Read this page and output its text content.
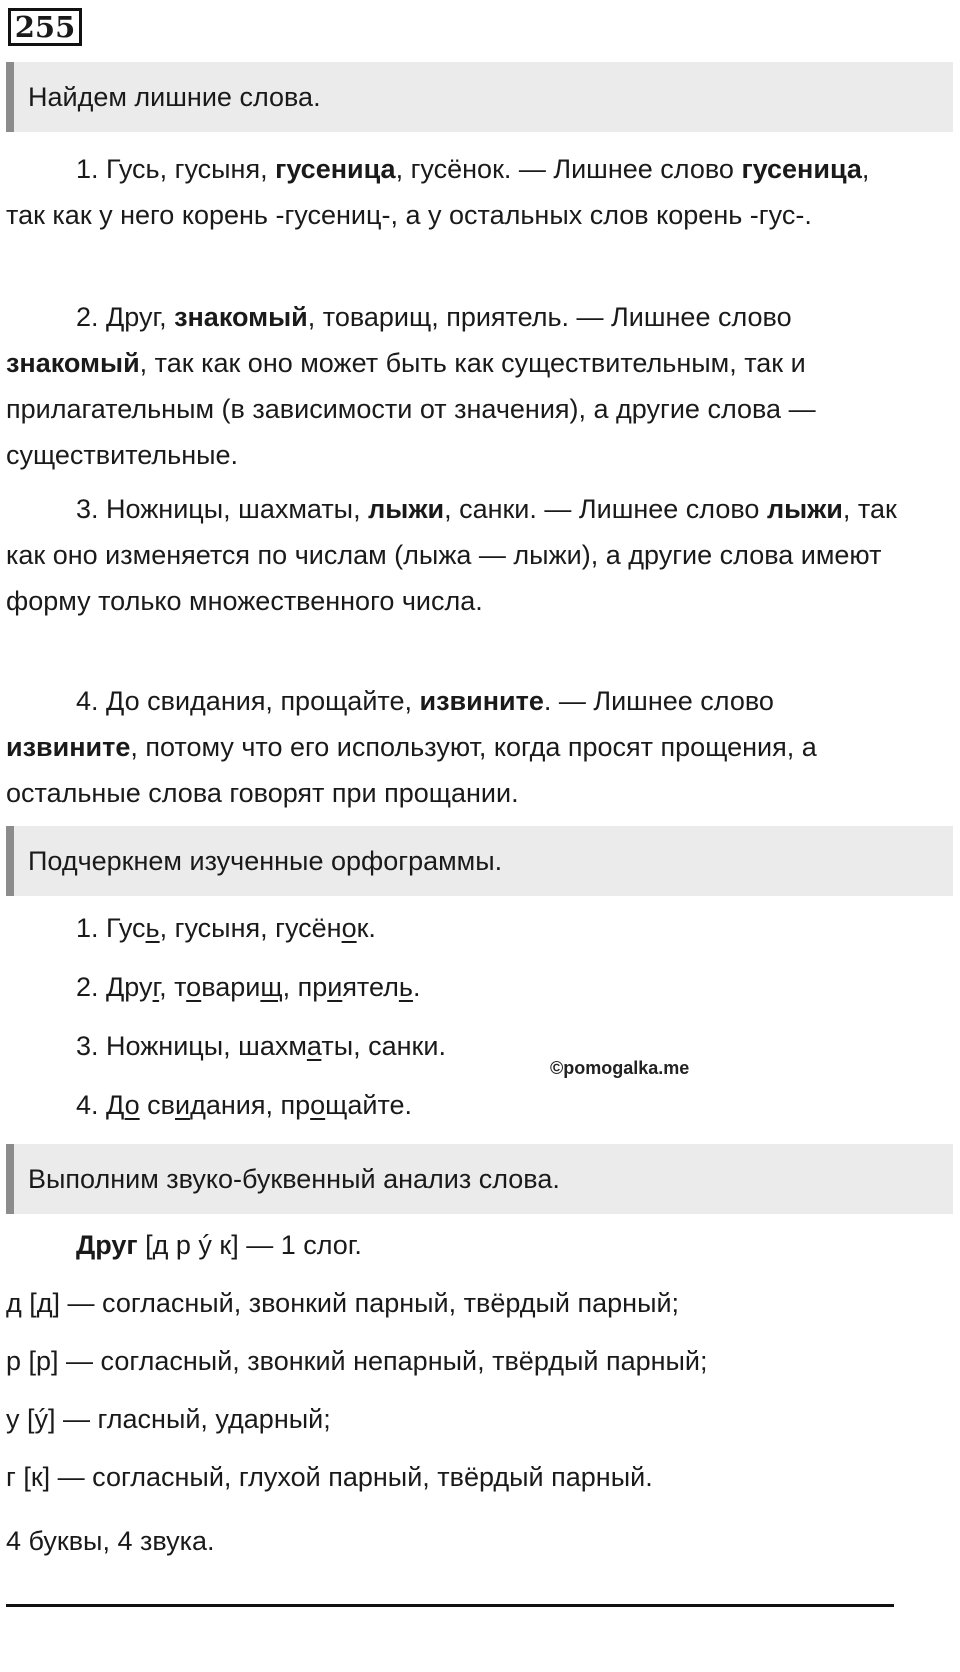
255
Найдем лишние слова.

1. Гусь, гусыня, гусеница, гусёнок. — Лишнее слово гусеница, так как у него корень -гусениц-, а у остальных слов корень -гус-.

2. Друг, знакомый, товарищ, приятель. — Лишнее слово знакомый, так как оно может быть как существительным, так и прилагательным (в зависимости от значения), а другие слова — существительные.

3. Ножницы, шахматы, лыжи, санки. — Лишнее слово лыжи, так как оно изменяется по числам (лыжа — лыжи), а другие слова имеют форму только множественного числа.

4. До свидания, прощайте, извините. — Лишнее слово извините, потому что его используют, когда просят прощения, а остальные слова говорят при прощании.

Подчеркнем изученные орфограммы.
1. Гусь, гусыня, гусёнок.
2. Друг, товарищ, приятель.
©pomogalka.me
3. Ножницы, шахматы, санки.
4. До свидания, прощайте.
Выполним звуко-буквенный анализ слова.
Друг [д р ý к] — 1 слог.
д [д] — согласный, звонкий парный, твёрдый парный;
р [р] — согласный, звонкий непарный, твёрдый парный;
у [ý] — гласный, ударный;
г [к] — согласный, глухой парный, твёрдый парный.
4 буквы, 4 звука.
